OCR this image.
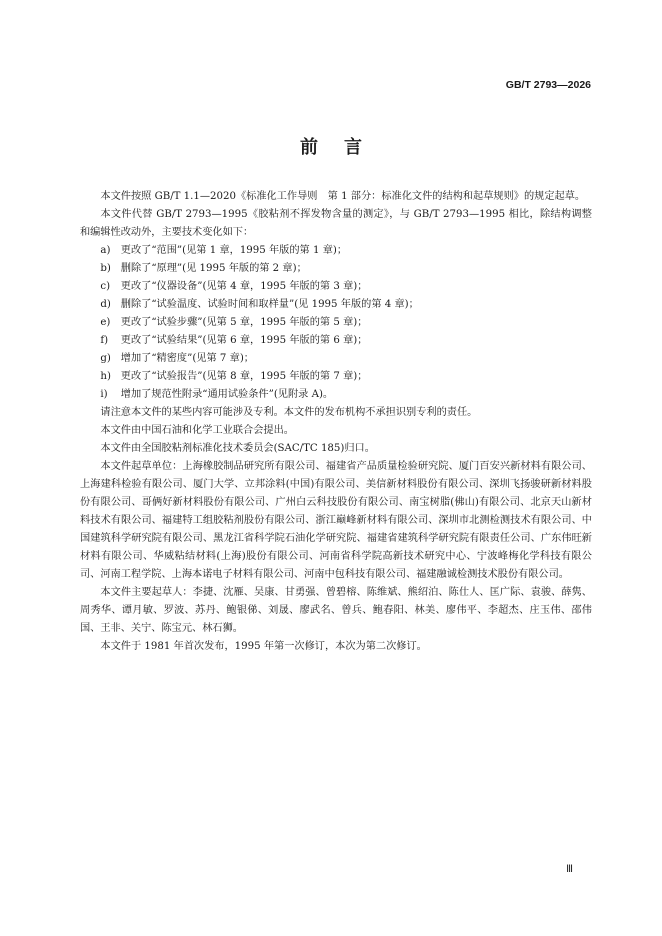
GB/T 2793—2026
前言

本文件按照 GB/T 1.1—2020《标准化工作导则　第 1 部分：标准化文件的结构和起草规则》的规定起草。

本文件代替 GB/T 2793—1995《胶粘剂不挥发物含量的测定》，与 GB/T 2793—1995 相比，除结构调整和编辑性改动外，主要技术变化如下：

a)	更改了“范围”(见第 1 章，1995 年版的第 1 章)；
b) 删除了“原理”(见 1995 年版的第 2 章)；
c)	更改了“仪器设备”(见第 4 章，1995 年版的第 3 章)；
d) 删除了“试验温度、试验时间和取样量”(见 1995 年版的第 4 章)；
e)	更改了“试验步骤”(见第 5 章，1995 年版的第 5 章)；
f)	更改了“试验结果”(见第 6 章，1995 年版的第 6 章)；
g) 增加了“精密度”(见第 7 章)；
h) 更改了“试验报告”(见第 8 章，1995 年版的第 7 章)；
i)	增加了规范性附录“通用试验条件”(见附录 A)。

请注意本文件的某些内容可能涉及专利。本文件的发布机构不承担识别专利的责任。

本文件由中国石油和化学工业联合会提出。

本文件由全国胶粘剂标准化技术委员会(SAC/TC 185)归口。

本文件起草单位：上海橡胶制品研究所有限公司、福建省产品质量检验研究院、厦门百安兴新材料有限公司、上海建科检验有限公司、厦门大学、立邦涂料(中国)有限公司、美信新材料股份有限公司、深圳飞扬骏研新材料股份有限公司、哥俩好新材料股份有限公司、广州白云科技股份有限公司、南宝树脂(佛山)有限公司、北京天山新材料技术有限公司、福建特工组胶粘剂股份有限公司、浙江巅峰新材料有限公司、深圳市北测检测技术有限公司、中国建筑科学研究院有限公司、黑龙江省科学院石油化学研究院、福建省建筑科学研究院有限责任公司、广东伟旺新材料有限公司、华威粘结材料(上海)股份有限公司、河南省科学院高新技术研究中心、宁波峰梅化学科技有限公司、河南工程学院、上海本诺电子材料有限公司、河南中包科技有限公司、福建融诚检测技术股份有限公司。

本文件主要起草人：李捷、沈雁、吴康、甘勇强、曾碧榕、陈维斌、熊绍泊、陈仕人、匡广际、袁骏、薛隽、周秀华、谭月敏、罗波、苏丹、鲍银俤、刘晟、廖武名、曾兵、鲍春阳、林美、廖伟平、李超杰、庄玉伟、邵伟国、王非、关宁、陈宝元、林石狮。

本文件于 1981 年首次发布，1995 年第一次修订，本次为第二次修订。

Ⅲ
